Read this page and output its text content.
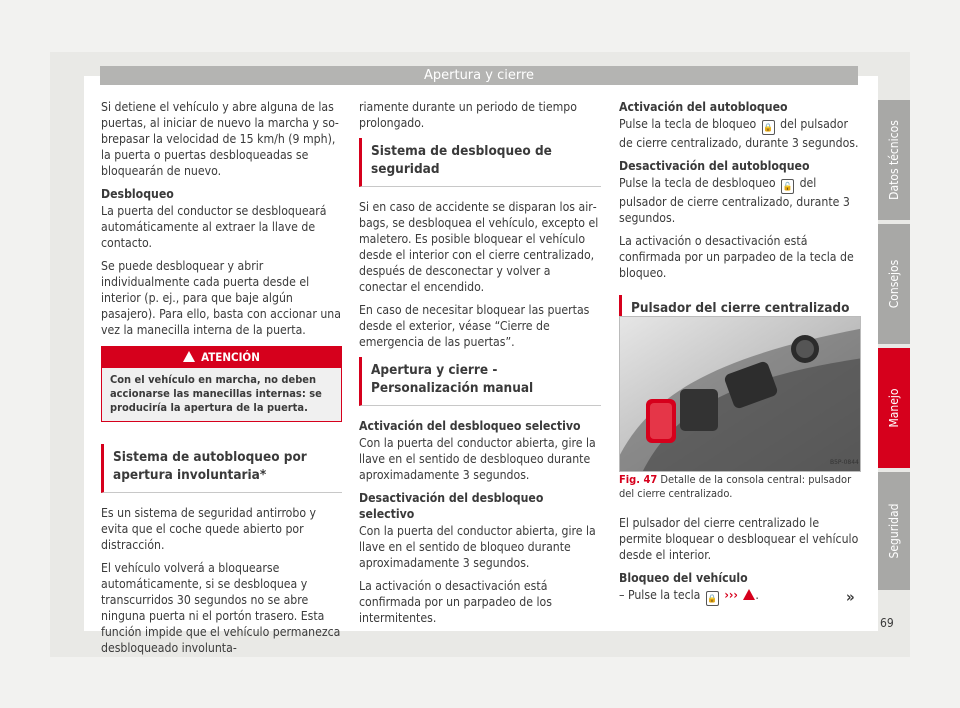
Apertura y cierre

Si detiene el vehículo y abre alguna de las puertas, al iniciar de nuevo la marcha y sobrepasar la velocidad de 15 km/h (9 mph), la puerta o puertas desbloqueadas se bloquearán de nuevo.

Desbloqueo

La puerta del conductor se desbloqueará automáticamente al extraer la llave de contacto.

Se puede desbloquear y abrir individualmente cada puerta desde el interior (p. ej., para que baje algún pasajero). Para ello, basta con accionar una vez la manecilla interna de la puerta.

ATENCIÓN
Con el vehículo en marcha, no deben accionarse las manecillas internas: se produciría la apertura de la puerta.
Sistema de autobloqueo por apertura involuntaria*

Es un sistema de seguridad antirrobo y evita que el coche quede abierto por distracción.

El vehículo volverá a bloquearse automáticamente, si se desbloquea y transcurridos 30 segundos no se abre ninguna puerta ni el portón trasero. Esta función impide que el vehículo permanezca desbloqueado involunta-

riamente durante un periodo de tiempo prolongado.

Sistema de desbloqueo de seguridad

Si en caso de accidente se disparan los airbags, se desbloquea el vehículo, excepto el maletero. Es posible bloquear el vehículo desde el interior con el cierre centralizado, después de desconectar y volver a conectar el encendido.

En caso de necesitar bloquear las puertas desde el exterior, véase “Cierre de emergencia de las puertas”.

Apertura y cierre - Personalización manual

Activación del desbloqueo selectivo

Con la puerta del conductor abierta, gire la llave en el sentido de desbloqueo durante aproximadamente 3 segundos.

Desactivación del desbloqueo selectivo

Con la puerta del conductor abierta, gire la llave en el sentido de bloqueo durante aproximadamente 3 segundos.

La activación o desactivación está confirmada por un parpadeo de los intermitentes.

Activación del autobloqueo

Pulse la tecla de bloqueo 🔒 del pulsador de cierre centralizado, durante 3 segundos.

Desactivación del autobloqueo

Pulse la tecla de desbloqueo 🔓 del pulsador de cierre centralizado, durante 3 segundos.

La activación o desactivación está confirmada por un parpadeo de la tecla de bloqueo.

Pulsador del cierre centralizado
B5P-0844
Fig. 47 Detalle de la consola central: pulsador del cierre centralizado.

El pulsador del cierre centralizado le permite bloquear o desbloquear el vehículo desde el interior.

Bloqueo del vehículo

– Pulse la tecla 🔒 ››› .	»
Datos técnicos
Consejos
Manejo
Seguridad
69
